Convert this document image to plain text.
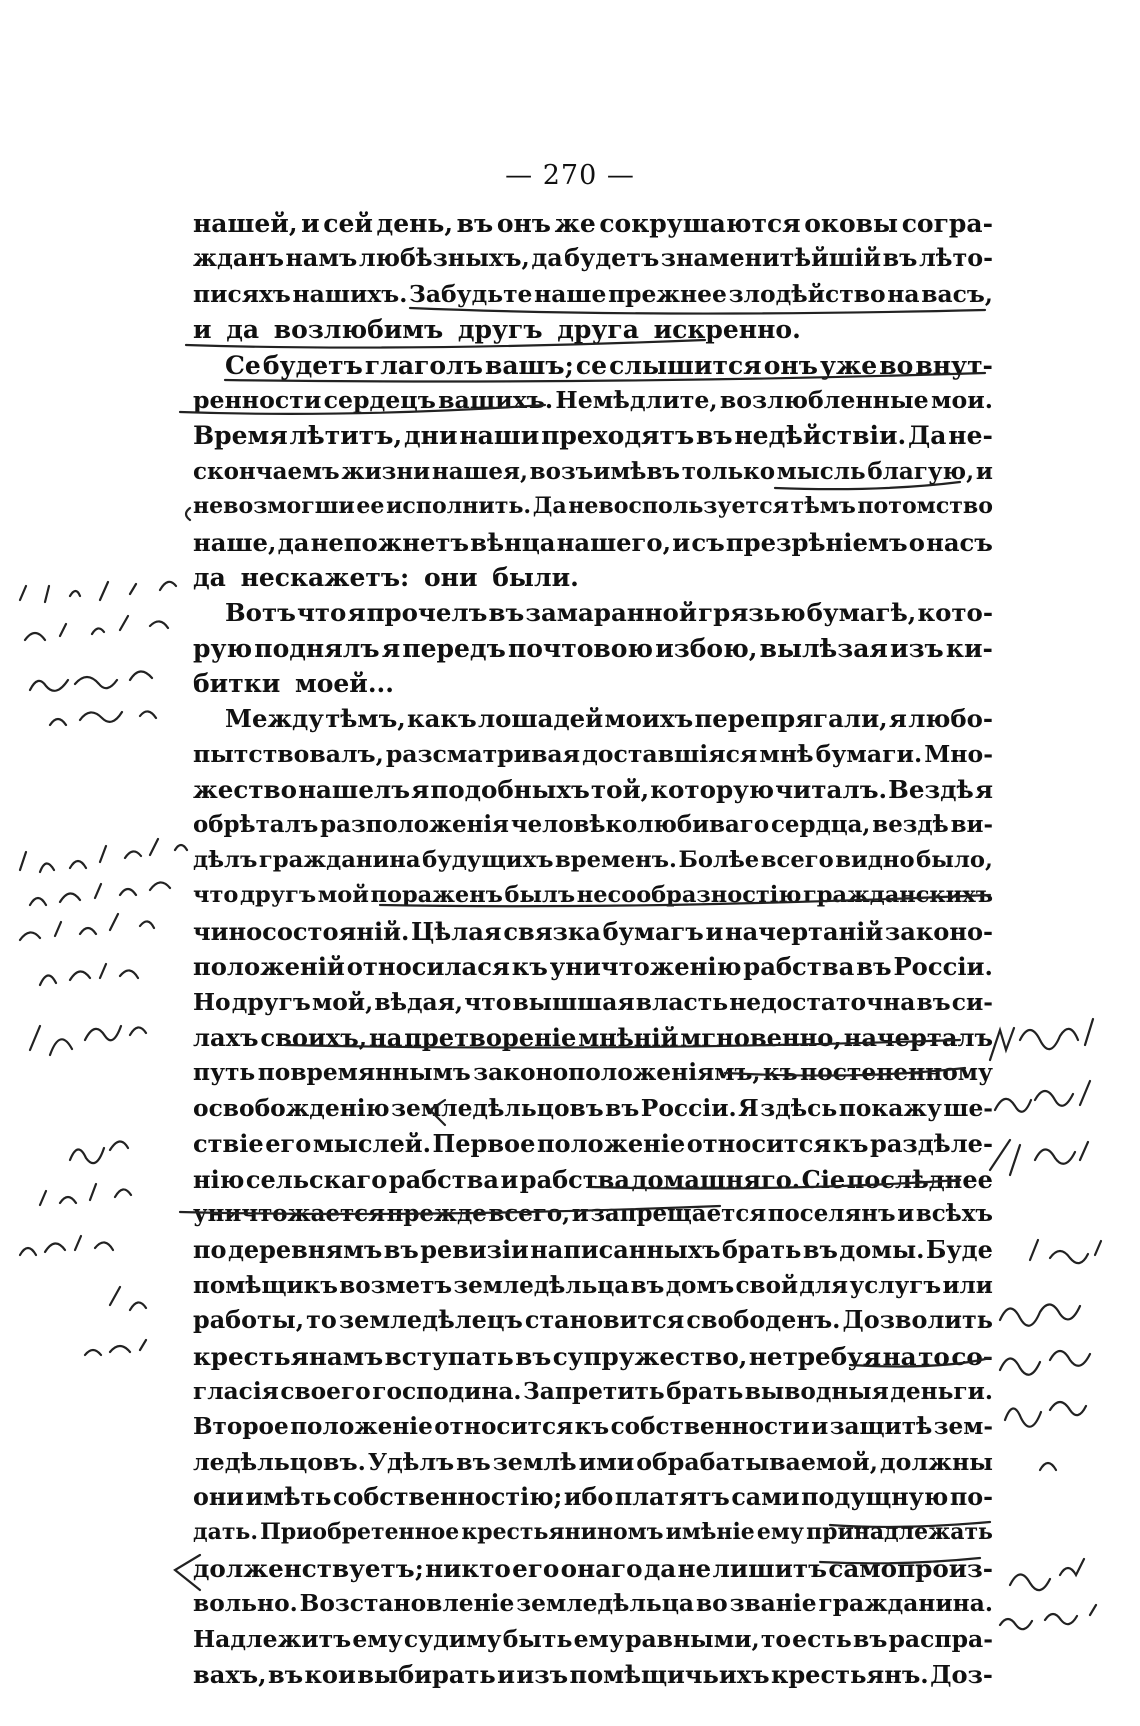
— 270 —
нашей, и сей день, въ онъ же сокрушаются оковы согра-
жданъ намъ любѣзныхъ, да будетъ знаменитѣйшій въ лѣто-
писяхъ нашихъ. Забудьте наше прежнее злодѣйство на васъ,
и да возлюбимъ другъ друга искренно.
Се будетъ глаголъ вашъ; се слышится онъ уже во внут-
ренности сердецъ вашихъ. Немѣдлите, возлюбленные мои.
Время лѣтитъ, дни наши преходятъ въ недѣйствіи. Да не-
скончаемъ жизни нашея, возъимѣвъ только мысль благую, и
невозмогши ее исполнить. Да невоспользуется тѣмъ потомство
наше, да непожнетъ вѣнца нашего, и съ презрѣніемъ о насъ
да нескажетъ: они были.
Вотъ что я прочелъ въ замаранной грязью бумагѣ, кото-
рую поднялъ я передъ почтовою избою, вылѣзая изъ ки-
битки моей...
Между тѣмъ, какъ лошадей моихъ перепрягали, я любо-
пытствовалъ, разсматривая доставшіяся мнѣ бумаги. Мно-
жество нашелъ я подобныхъ той, которую читалъ. Вездѣ я
обрѣталъ разположенія человѣколюбиваго сердца, вездѣ ви-
дѣлъ гражданина будущихъ временъ. Болѣе всего видно было,
что другъ мой пораженъ былъ несообразностію гражданскихъ
чиносостояній. Цѣлая связка бумагъ и начертаній законо-
положеній относилася къ уничтоженію рабства въ Россіи.
Но другъ мой, вѣдая, что вышшая власть недостаточна въ си-
лахъ своихъ, на претвореніе мнѣній мгновенно, начерталъ
путь повремяннымъ законоположеніямъ, къ постепенному
освобожденію земледѣльцовъ въ Россіи. Я здѣсь покажу ше-
ствіе его мыслей. Первое положеніе относится къ раздѣле-
нію сельскаго рабства и рабства домашняго. Сіе послѣднее
уничтожается прежде всего, и запрещается поселянъ и всѣхъ
по деревнямъ въ ревизіи написанныхъ брать въ домы. Буде
помѣщикъ возметъ земледѣльца въ домъ свой для услугъ или
работы, то земледѣлецъ становится свободенъ. Дозволить
крестьянамъ вступать въ супружество, нетребуя на то со-
гласія своего господина. Запретить брать выводныя деньги.
Второе положеніе относится къ собственности и защитѣ зем-
ледѣльцовъ. Удѣлъ въ землѣ ими обрабатываемой, должны
они имѣть собственностію; ибо платятъ сами подущную по-
дать. Приобретенное крестьяниномъ имѣніе ему принадлежать
долженствуетъ; никто его онаго да не лишитъ самопроиз-
вольно. Возстановленіе земледѣльца во званіе гражданина.
Надлежитъ ему судиму быть ему равными, то есть въ распра-
вахъ, въ кои выбирать и изъ помѣщичьихъ крестьянъ. Доз-
